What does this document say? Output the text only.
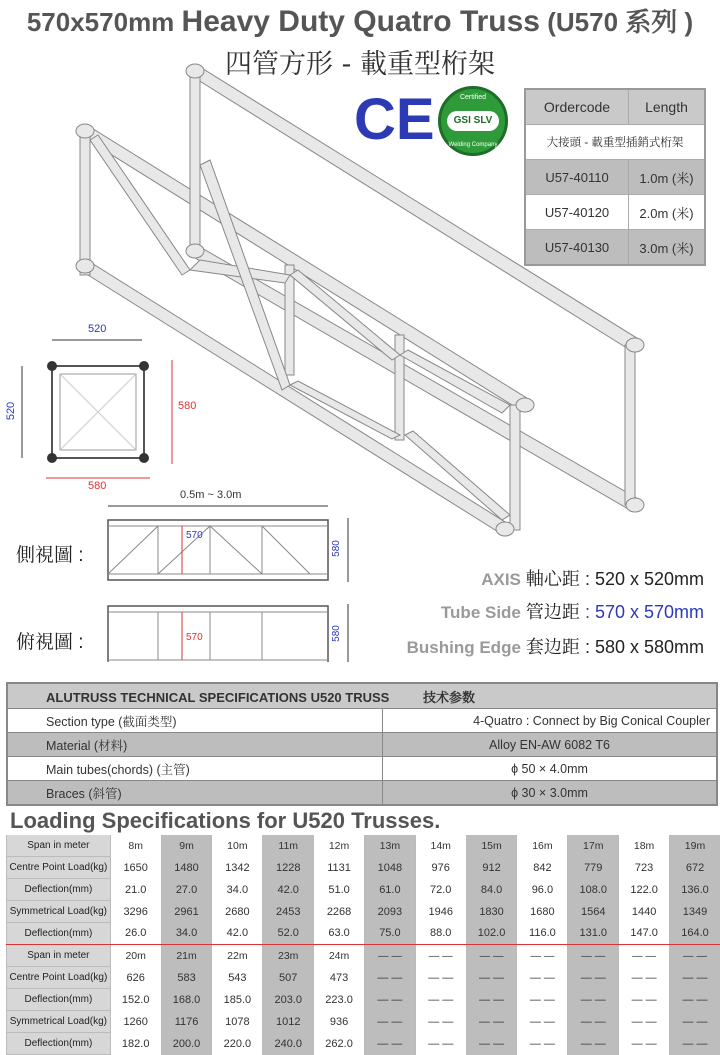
570x570mm Heavy Duty Quatro Truss (U570 系列 )
四管方形 - 載重型桁架
CE	Certified
GSI SLV
Welding Company
Ordercode	Length
大接頭 - 載重型插銷式桁架	
U57-40110	1.0m (米)
U57-40120	2.0m (米)
U57-40130	3.0m (米)
520
520	580
580
0.5m ~ 3.0m
側視圖 :
俯視圖 :
570
570
580
580
AXIS 軸心距 : 520 x 520mm
Tube Side 管边距 : 570 x 570mm
Bushing Edge 套边距 : 580 x 580mm
ALUTRUSS TECHNICAL SPECIFICATIONS U520 TRUSS 技术参数	
Section type (截面类型)	4-Quatro : Connect by Big Conical Coupler
Material (材料)	Alloy EN-AW 6082 T6
Main tubes(chords) (主管)	ϕ 50 × 4.0mm
Braces (斜管)	ϕ 30 × 3.0mm
Loading Specifications for U520 Trusses.
Span in meter	8m	9m	10m	11m	12m	13m	14m	15m	16m	17m	18m	19m
Centre Point Load(kg)	1650	1480	1342	1228	1131	1048	976	912	842	779	723	672
Deflection(mm)	21.0	27.0	34.0	42.0	51.0	61.0	72.0	84.0	96.0	108.0	122.0	136.0
Symmetrical Load(kg)	3296	2961	2680	2453	2268	2093	1946	1830	1680	1564	1440	1349
Deflection(mm)	26.0	34.0	42.0	52.0	63.0	75.0	88.0	102.0	116.0	131.0	147.0	164.0
Span in meter	20m	21m	22m	23m	24m	— —	— —	— —	— —	— —	— —	— —
Centre Point Load(kg)	626	583	543	507	473	— —	— —	— —	— —	— —	— —	— —
Deflection(mm)	152.0	168.0	185.0	203.0	223.0	— —	— —	— —	— —	— —	— —	— —
Symmetrical Load(kg)	1260	1176	1078	1012	936	— —	— —	— —	— —	— —	— —	— —
Deflection(mm)	182.0	200.0	220.0	240.0	262.0	— —	— —	— —	— —	— —	— —	— —
